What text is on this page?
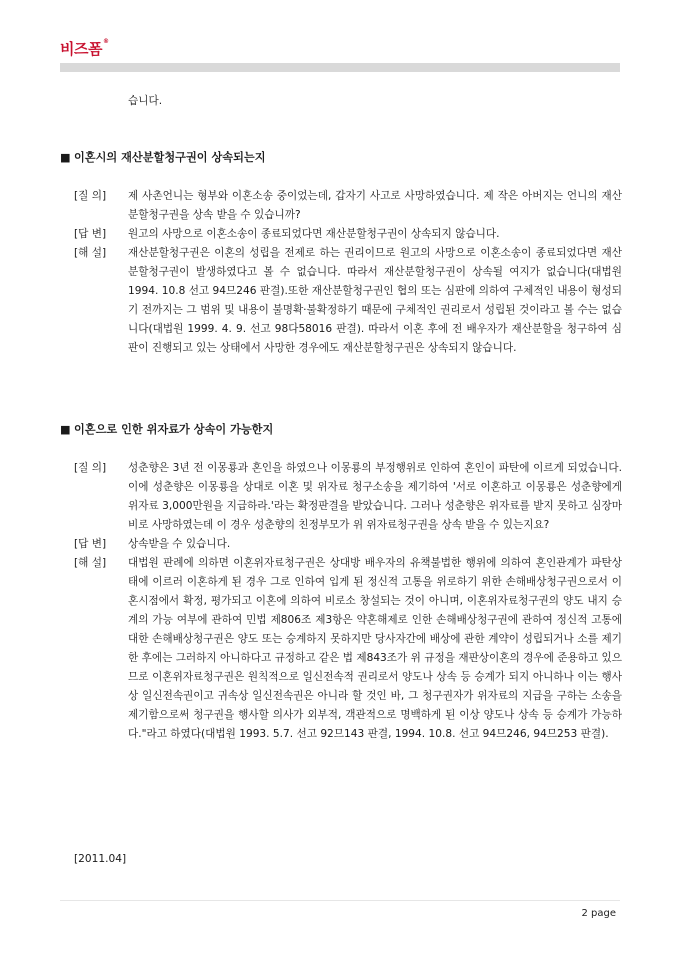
비즈폼®
습니다.
■ 이혼시의 재산분할청구권이 상속되는지
[질 의]	제 사촌언니는 형부와 이혼소송 중이었는데, 갑자기 사고로 사망하였습니다. 제 작은 아버지는 언니의 재산분할청구권을 상속 받을 수 있습니까?
[답 변]	원고의 사망으로 이혼소송이 종료되었다면 재산분할청구권이 상속되지 않습니다.
[해 설]	재산분할청구권은 이혼의 성립을 전제로 하는 권리이므로 원고의 사망으로 이혼소송이 종료되었다면 재산분할청구권이 발생하였다고 볼 수 없습니다. 따라서 재산분할청구권이 상속될 여지가 없습니다(대법원 1994. 10.8 선고 94므246 판결).또한 재산분할청구권인 협의 또는 심판에 의하여 구체적인 내용이 형성되기 전까지는 그 범위 및 내용이 불명확·불확정하기 때문에 구체적인 권리로서 성립된 것이라고 볼 수는 없습니다(대법원 1999. 4. 9. 선고 98다58016 판결). 따라서 이혼 후에 전 배우자가 재산분할을 청구하여 심판이 진행되고 있는 상태에서 사망한 경우에도 재산분할청구권은 상속되지 않습니다.
■ 이혼으로 인한 위자료가 상속이 가능한지
[질 의]	성춘향은 3년 전 이몽룡과 혼인을 하였으나 이몽룡의 부정행위로 인하여 혼인이 파탄에 이르게 되었습니다. 이에 성춘향은 이몽룡을 상대로 이혼 및 위자료 청구소송을 제기하여 '서로 이혼하고 이몽룡은 성춘향에게 위자료 3,000만원을 지급하라.'라는 확정판결을 받았습니다. 그러나 성춘향은 위자료를 받지 못하고 심장마비로 사망하였는데 이 경우 성춘향의 친정부모가 위 위자료청구권을 상속 받을 수 있는지요?
[답 변]	상속받을 수 있습니다.
[해 설]	대법원 판례에 의하면 이혼위자료청구권은 상대방 배우자의 유책불법한 행위에 의하여 혼인관계가 파탄상태에 이르러 이혼하게 된 경우 그로 인하여 입게 된 정신적 고통을 위로하기 위한 손해배상청구권으로서 이혼시점에서 확정, 평가되고 이혼에 의하여 비로소 창설되는 것이 아니며, 이혼위자료청구권의 양도 내지 승계의 가능 여부에 관하여 민법 제806조 제3항은 약혼해제로 인한 손해배상청구권에 관하여 정신적 고통에 대한 손해배상청구권은 양도 또는 승계하지 못하지만 당사자간에 배상에 관한 계약이 성립되거나 소를 제기한 후에는 그러하지 아니하다고 규정하고 같은 법 제843조가 위 규정을 재판상이혼의 경우에 준용하고 있으므로 이혼위자료청구권은 원칙적으로 일신전속적 권리로서 양도나 상속 등 승계가 되지 아니하나 이는 행사상 일신전속권이고 귀속상 일신전속권은 아니라 할 것인 바, 그 청구권자가 위자료의 지급을 구하는 소송을 제기함으로써 청구권을 행사할 의사가 외부적, 객관적으로 명백하게 된 이상 양도나 상속 등 승계가 가능하다."라고 하였다(대법원 1993. 5.7. 선고 92므143 판결, 1994. 10.8. 선고 94므246, 94므253 판결).
[2011.04]
2 page
